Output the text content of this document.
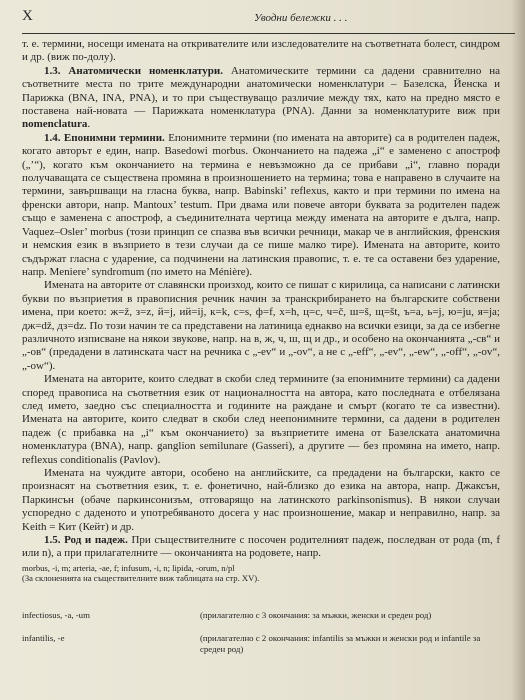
X	Уводни бележки . . .

т. е. термини, носещи имената на откривателите или изследователите на съответната болест, синдром и др. (виж по-долу).

1.3. Анатомически номенклатури. Анатомическите термини са дадени сравнително на съответните места по трите международни анатомически номенклатури – Базелска, Йенска и Парижка (BNA, INA, PNA), и то при съществуващо различие между тях, като на предно място е поставена най-новата — Парижката номенклатура (PNA). Данни за номенклатурите виж при nomenclatura.

1.4. Епонимни термини. Епонимните термини (по имената на авторите) са в родителен падеж, когато авторът е един, напр. Basedowi morbus. Окончанието на падежа „i“ е заменено с апостроф („’“), когато към окончанието на термина е невъзможно да се прибави „i“, главно поради получаващата се съществена промяна в произношението на термина; това е направено в случаите на термини, завършващи на гласна буква, напр. Babinski’ reflexus, както и при термини по имена на френски автори, напр. Mantoux’ testum. При двама или повече автори буквата за родителен падеж също е заменена с апостроф, а съединителната чертица между имената на авторите е дълга, напр. Vaquez–Osler’ morbus (този принцип се спазва във всички речници, макар че в английския, френския и немския език в възприето в тези случаи да се пише малко тире). Имената на авторите, които съдържат гласна с ударение, са подчинени на латинския правопис, т. е. те са оставени без ударение, напр. Meniere’ syndromum (по името на Ménière).

Имената на авторите от славянски произход, които се пишат с кирилица, са написани с латински букви по възприетия в правописния речник начин за транскрибирането на българските собствени имена, при което: ж=ž, з=z, й=j, ий=ij, к=k, с=s, ф=f, х=h, ц=c, ч=č, ш=š, щ=št, ъ=a, ь=j, ю=ju, я=ja; дж=dž, дз=dz. По този начин те са представени на латиница еднакво на всички езици, за да се избегне различното изписване на някои звукове, напр. на в, ж, ч, ш, щ и др., и особено на окончанията „-св“ и „-ов“ (предадени в латинската част на речника с „-ev“ и „-ov“, а не с „-eff“, „-ev“, „-ew“, „-off“, „-ov“, „-ow“).

Имената на авторите, които следват в скоби след термините (за епонимните термини) са дадени според правописа на съответния език от националността на автора, като последната е отбелязана след името, заедно със специалността и годините на раждане и смърт (когато те са известни). Имената на авторите, които следват в скоби след неепонимните термини, са дадени в родителен падеж (с прибавка на „i“ към окончанието) за възприетите имена от Базелската анатомична номенклатура (BNA), напр. ganglion semilunare (Gasseri), а другите — без промяна на името, напр. reflexus conditionalis (Pavlov).

Имената на чуждите автори, особено на английските, са предадени на български, както се произнасят на съответния език, т. е. фонетично, най-близко до езика на автора, напр. Джаксън, Паркинсън (обаче паркинсонизъм, отговарящо на латинското parkinsonismus). В някои случаи успоредно с даденото и употребяваното досега у нас произношение, макар и неправилно, напр. за Keith = Кит (Кейт) и др.

1.5. Род и падеж. При съществителните с посочен родителният падеж, последван от рода (m, f или n), а при прилагателните — окончанията на родовете, напр.

morbus, -i, m; arteria, -ae, f; infusum, -i, n; lipida, -orum, n/pl
(За склоненията на съществителните виж таблицата на стр. XV).
infectiosus, -a, -um	(прилагателно с 3 окончания: за мъжки, женски и среден род)
infantilis, -e	(прилагателно с 2 окончания: infantilis за мъжки и женски род и infantile за среден род)
